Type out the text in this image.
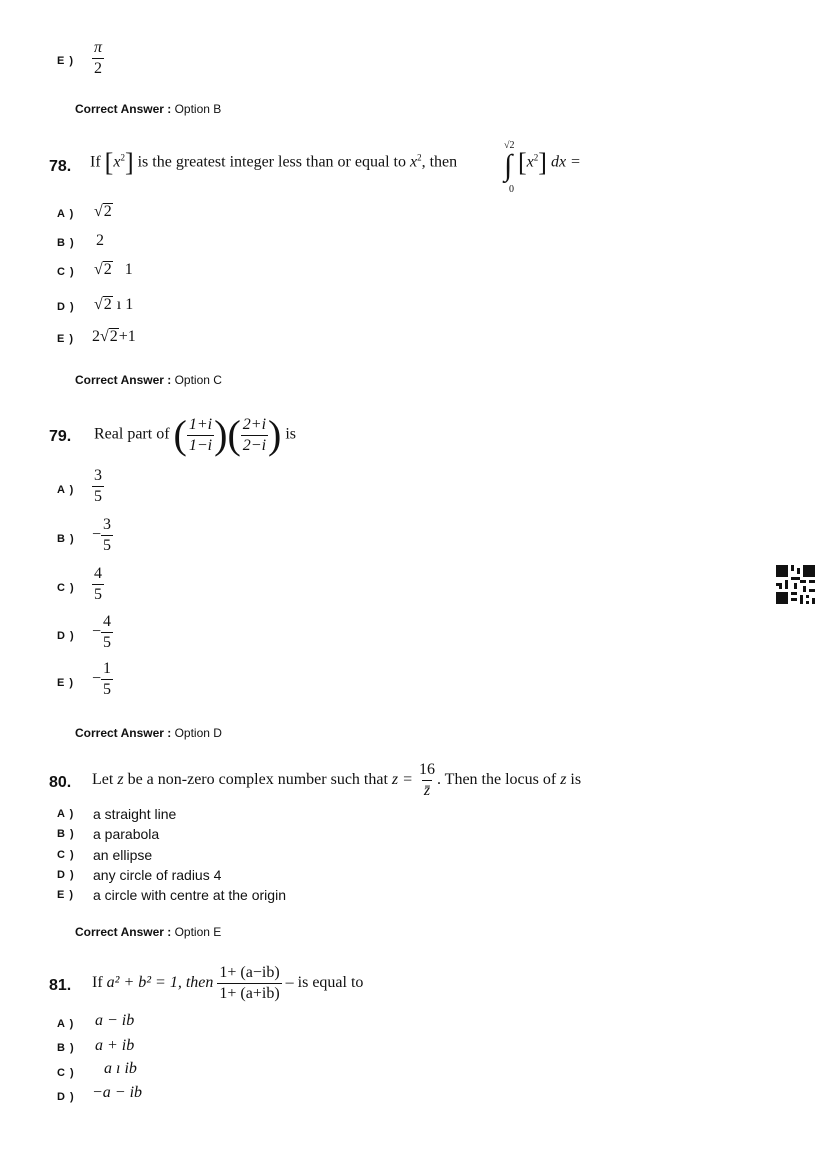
E ) $\frac{\pi}{2}$
Correct Answer : Option B
78. If $[x^2]$ is the greatest integer less than or equal to $x^2$, then
√2
∫
0
$[x^2]$ dx =
A ) √ 2
B ) 2
C ) √ 2 1
D ) √ 2 ı 1
E ) 2 √ 2 +1
Correct Answer : Option C
79. Real part of ( $\frac{1+i}{1-i}$ )( $\frac{2+i}{2-i}$ ) is
A ) $\frac{3}{5}$
B ) − $\frac{3}{5}$
C ) $\frac{4}{5}$
D ) − $\frac{4}{5}$
E ) − $\frac{1}{5}$
Correct Answer : Option D
80. Let z be a non-zero complex number such that $z = \frac{16}{z̄}$ . Then the locus of z is
A ) a straight line
B ) a parabola
C ) an ellipse
D ) any circle of radius 4
E ) a circle with centre at the origin
Correct Answer : Option E
81. If a² + b² = 1, then $\frac{1+ (a-ib)}{1+ (a+ib)}$ – is equal to
A ) a − ib
B ) a + ib
C ) a ı ib
D ) −a − ib
